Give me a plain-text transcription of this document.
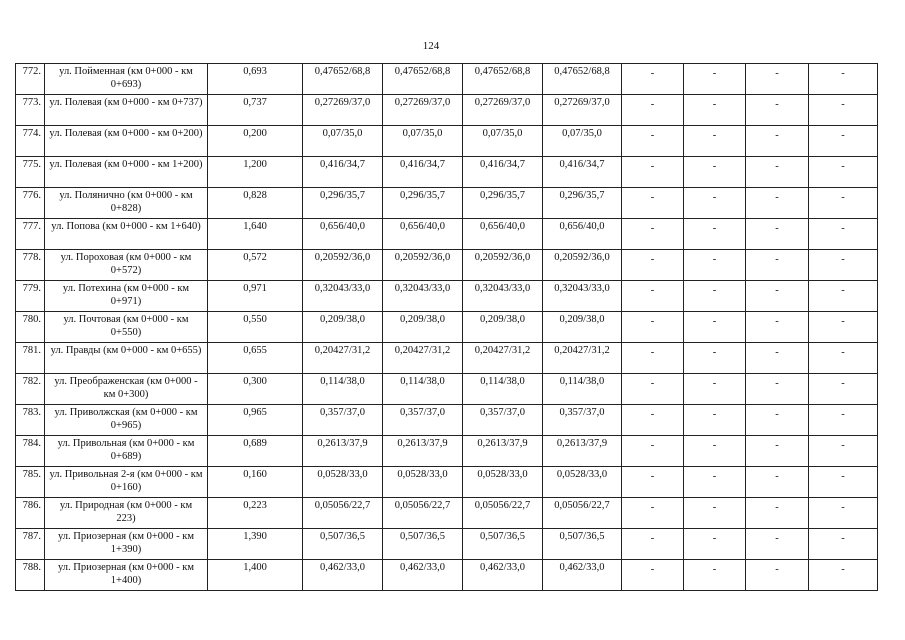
124
772.	ул. Пойменная (км 0+000 - км 0+693)	0,693	0,47652/68,8	0,47652/68,8	0,47652/68,8	0,47652/68,8	-	-	-	-
773.	ул. Полевая (км 0+000 - км 0+737)	0,737	0,27269/37,0	0,27269/37,0	0,27269/37,0	0,27269/37,0	-	-	-	-
774.	ул. Полевая (км 0+000 - км 0+200)	0,200	0,07/35,0	0,07/35,0	0,07/35,0	0,07/35,0	-	-	-	-
775.	ул. Полевая (км 0+000 - км 1+200)	1,200	0,416/34,7	0,416/34,7	0,416/34,7	0,416/34,7	-	-	-	-
776.	ул. Полянично (км 0+000 - км 0+828)	0,828	0,296/35,7	0,296/35,7	0,296/35,7	0,296/35,7	-	-	-	-
777.	ул. Попова (км 0+000 - км 1+640)	1,640	0,656/40,0	0,656/40,0	0,656/40,0	0,656/40,0	-	-	-	-
778.	ул. Пороховая (км 0+000 - км 0+572)	0,572	0,20592/36,0	0,20592/36,0	0,20592/36,0	0,20592/36,0	-	-	-	-
779.	ул. Потехина (км 0+000 - км 0+971)	0,971	0,32043/33,0	0,32043/33,0	0,32043/33,0	0,32043/33,0	-	-	-	-
780.	ул. Почтовая (км 0+000 - км 0+550)	0,550	0,209/38,0	0,209/38,0	0,209/38,0	0,209/38,0	-	-	-	-
781.	ул. Правды (км 0+000 - км 0+655)	0,655	0,20427/31,2	0,20427/31,2	0,20427/31,2	0,20427/31,2	-	-	-	-
782.	ул. Преображенская (км 0+000 - км 0+300)	0,300	0,114/38,0	0,114/38,0	0,114/38,0	0,114/38,0	-	-	-	-
783.	ул. Приволжская (км 0+000 - км 0+965)	0,965	0,357/37,0	0,357/37,0	0,357/37,0	0,357/37,0	-	-	-	-
784.	ул. Привольная (км 0+000 - км 0+689)	0,689	0,2613/37,9	0,2613/37,9	0,2613/37,9	0,2613/37,9	-	-	-	-
785.	ул. Привольная 2-я (км 0+000 - км 0+160)	0,160	0,0528/33,0	0,0528/33,0	0,0528/33,0	0,0528/33,0	-	-	-	-
786.	ул. Природная (км 0+000 - км 223)	0,223	0,05056/22,7	0,05056/22,7	0,05056/22,7	0,05056/22,7	-	-	-	-
787.	ул. Приозерная (км 0+000 - км 1+390)	1,390	0,507/36,5	0,507/36,5	0,507/36,5	0,507/36,5	-	-	-	-
788.	ул. Приозерная (км 0+000 - км 1+400)	1,400	0,462/33,0	0,462/33,0	0,462/33,0	0,462/33,0	-	-	-	-
